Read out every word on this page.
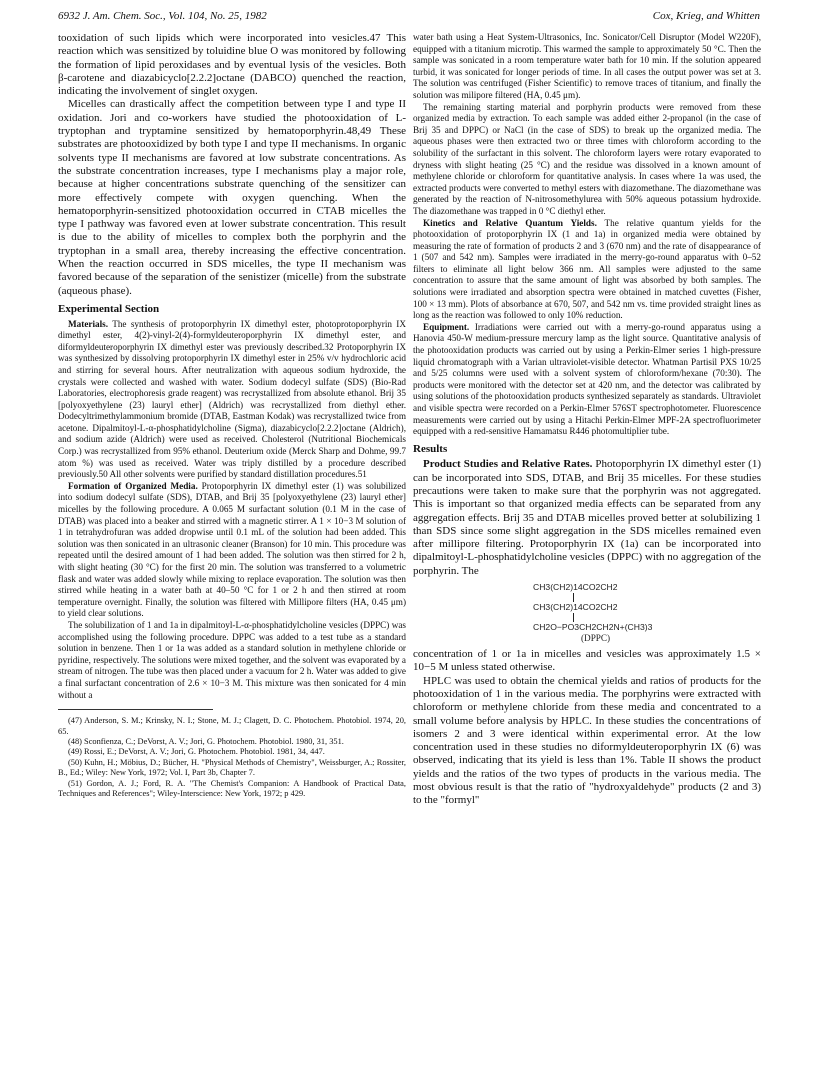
6932 J. Am. Chem. Soc., Vol. 104, No. 25, 1982	Cox, Krieg, and Whitten

tooxidation of such lipids which were incorporated into vesicles.47 This reaction which was sensitized by toluidine blue O was monitored by following the formation of lipid peroxidases and by eventual lysis of the vesicles. Both β-carotene and diazabicyclo[2.2.2]octane (DABCO) quenched the reaction, indicating the involvement of singlet oxygen.

Micelles can drastically affect the competition between type I and type II oxidation. Jori and co-workers have studied the photooxidation of L-tryptophan and tryptamine sensitized by hematoporphyrin.48,49 These substrates are photooxidized by both type I and type II mechanisms. In organic solvents type II mechanisms are favored at low substrate concentrations. As the substrate concentration increases, type I mechanisms play a major role, because at higher concentrations substrate quenching of the sensitizer can more effectively compete with oxygen quenching. When the hematoporphyrin-sensitized photooxidation occurred in CTAB micelles the type I pathway was favored even at lower substrate concentration. This result is due to the ability of micelles to complex both the porphyrin and the tryptophan in a small area, thereby increasing the effective concentration. When the reaction occurred in SDS micelles, the type II mechanism was favored because of the separation of the senistizer (micelle) from the substrate (aqueous phase).

Experimental Section

Materials. The synthesis of protoporphyrin IX dimethyl ester, photoprotoporphyrin IX dimethyl ester, 4(2)-vinyl-2(4)-formyldeuteroporphyrin IX dimethyl ester, and diformyldeuteroporphyrin IX dimethyl ester was previously described.32 Protoporphyrin IX was synthesized by dissolving protoporphyrin IX dimethyl ester in 25% v/v hydrochloric acid and stirring for several hours. After neutralization with aqueous sodium hydroxide, the crystals were collected and washed with water. Sodium dodecyl sulfate (SDS) (Bio-Rad Laboratories, electrophoresis grade reagent) was recrystallized from absolute ethanol. Brij 35 [polyoxyethylene (23) lauryl ether] (Aldrich) was recrystallized from diethyl ether. Dodecyltrimethylammonium bromide (DTAB, Eastman Kodak) was recrystallized twice from acetone. Dipalmitoyl-L-α-phosphatidylcholine (Sigma), diazabicyclo[2.2.2]octane (Aldrich), and sodium azide (Aldrich) were used as received. Cholesterol (Nutritional Biochemicals Corp.) was recrystallized from 95% ethanol. Deuterium oxide (Merck Sharp and Dohme, 99.7 atom %) was used as received. Water was triply distilled by a procedure described previously.50 All other solvents were purified by standard distillation procedures.51

Formation of Organized Media. Protoporphyrin IX dimethyl ester (1) was solubilized into sodium dodecyl sulfate (SDS), DTAB, and Brij 35 [polyoxyethylene (23) lauryl ether] micelles by the following procedure. A 0.065 M surfactant solution (0.1 M in the case of DTAB) was placed into a beaker and stirred with a magnetic stirrer. A 1 × 10−3 M solution of 1 in tetrahydrofuran was added dropwise until 0.1 mL of the solution had been added. This solution was then sonicated in an ultrasonic cleaner (Branson) for 10 min. This procedure was repeated until the desired amount of 1 had been added. The solution was then stirred for 2 h, with slight heating (30 °C) for the first 20 min. The solution was transferred to a volumetric flask and water was added slowly while mixing to replace evaporation. The solution was then stirred while heating in a water bath at 40–50 °C for 1 or 2 h and then stirred at room temperature overnight. Finally, the solution was filtered with Millipore filters (HA, 0.45 μm) to yield clear solutions.

The solubilization of 1 and 1a in dipalmitoyl-L-α-phosphatidylcholine vesicles (DPPC) was accomplished using the following procedure. DPPC was added to a test tube as a standard solution in benzene. Then 1 or 1a was added as a standard solution in methylene chloride or pyridine, respectively. The solutions were mixed together, and the solvent was evaporated by a stream of nitrogen. The tube was then placed under a vacuum for 2 h. Water was added to give a final surfactant concentration of 2.6 × 10−3 M. This mixture was then sonicated for 4 min without a

(47) Anderson, S. M.; Krinsky, N. I.; Stone, M. J.; Clagett, D. C. Photochem. Photobiol. 1974, 20, 65.
(48) Sconfienza, C.; DeVorst, A. V.; Jori, G. Photochem. Photobiol. 1980, 31, 351.
(49) Rossi, E.; DeVorst, A. V.; Jori, G. Photochem. Photobiol. 1981, 34, 447.
(50) Kuhn, H.; Möbius, D.; Bücher, H. "Physical Methods of Chemistry", Weissburger, A.; Rossiter, B., Ed.; Wiley: New York, 1972; Vol. I, Part 3b, Chapter 7.
(51) Gordon, A. J.; Ford, R. A. "The Chemist's Companion: A Handbook of Practical Data, Techniques and References"; Wiley-Interscience: New York, 1972; p 429.

water bath using a Heat System-Ultrasonics, Inc. Sonicator/Cell Disruptor (Model W220F), equipped with a titanium microtip. This warmed the sample to approximately 50 °C. Then the sample was sonicated in a room temperature water bath for 10 min. If the solution appeared turbid, it was sonicated for longer periods of time. In all cases the output power was set at 3. The solution was centrifuged (Fisher Scientific) to remove traces of titanium, and finally the solution was milipore filtered (HA, 0.45 μm).

The remaining starting material and porphyrin products were removed from these organized media by extraction. To each sample was added either 2-propanol (in the case of Brij 35 and DPPC) or NaCl (in the case of SDS) to break up the organized media. The aqueous phases were then extracted two or three times with chloroform according to the solubility of the surfactant in this solvent. The chloroform layers were rotary evaporated to dryness with slight heating (25 °C) and the residue was dissolved in a known amount of methylene chloride or chloroform for quantitative analysis. In cases where 1a was used, the extracted products were converted to methyl esters with diazomethane. The diazomethane was generated by the reaction of N-nitrosomethylurea with 50% aqueous potassium hydroxide. The diazomethane was trapped in 0 °C diethyl ether.

Kinetics and Relative Quantum Yields. The relative quantum yields for the photooxidation of protoporphyrin IX (1 and 1a) in organized media were obtained by measuring the rate of formation of products 2 and 3 (670 nm) and the rate of disappearance of 1 (507 and 542 nm). Samples were irradiated in the merry-go-round apparatus with 0–52 filters to eliminate all light below 366 nm. All samples were adjusted to the same concentration to assure that the same amount of light was absorbed by both samples. The solutions were irradiated and absorption spectra were obtained in matched cuvettes (Fisher, 100 × 13 mm). Plots of absorbance at 670, 507, and 542 nm vs. time provided straight lines as long as the reaction was followed to only 10% reduction.

Equipment. Irradiations were carried out with a merry-go-round apparatus using a Hanovia 450-W medium-pressure mercury lamp as the light source. Quantitative analysis of the photooxidation products was carried out by using a Perkin-Elmer series 1 high-pressure liquid chromatograph with a Varian ultraviolet-visible detector. Whatman Partisil PXS 10/25 and 5/25 columns were used with a solvent system of chloroform/hexane (70:30). The products were monitored with the detector set at 420 nm, and the detector was calibrated by using solutions of the photooxidation products synthesized separately as standards. Ultraviolet and visible spectra were recorded on a Perkin-Elmer 576ST spectrophotometer. Fluorescence measurements were carried out by using a Hitachi Perkin-Elmer MPF-2A spectrofluorimeter equipped with a red-sensitive Hamamatsu R446 photomultiplier tube.

Results

Product Studies and Relative Rates. Photoporphyrin IX dimethyl ester (1) can be incorporated into SDS, DTAB, and Brij 35 micelles. For these studies precautions were taken to make sure that the porphyrin was not aggregated. This is important so that organized media effects can be separated from any aggregation effects. Brij 35 and DTAB micelles proved better at solubilizing 1 than SDS since some slight aggregation in the SDS micelles remained even after millipore filtering. Protoporphyrin IX (1a) can be incorporated into dipalmitoyl-L-phosphatidylcholine vesicles (DPPC) with no aggregation of the porphyrin. The

CH3(CH2)14CO2CH2
CH3(CH2)14CO2CH2
CH2O−PO3CH2CH2N+(CH3)3
(DPPC)

concentration of 1 or 1a in micelles and vesicles was approximately 1.5 × 10−5 M unless stated otherwise.

HPLC was used to obtain the chemical yields and ratios of products for the photooxidation of 1 in the various media. The porphyrins were extracted with chloroform or methylene chloride from these media and concentrated to a small volume before analysis by HPLC. In these studies the concentrations of isomers 2 and 3 were identical within experimental error. At the low concentration used in these studies no diformyldeuteroporphyrin IX (6) was observed, indicating that its yield is less than 1%. Table II shows the product yields and the ratios of the two types of products in the various media. The most obvious result is that the ratio of "hydroxyaldehyde" products (2 and 3) to the "formyl"
